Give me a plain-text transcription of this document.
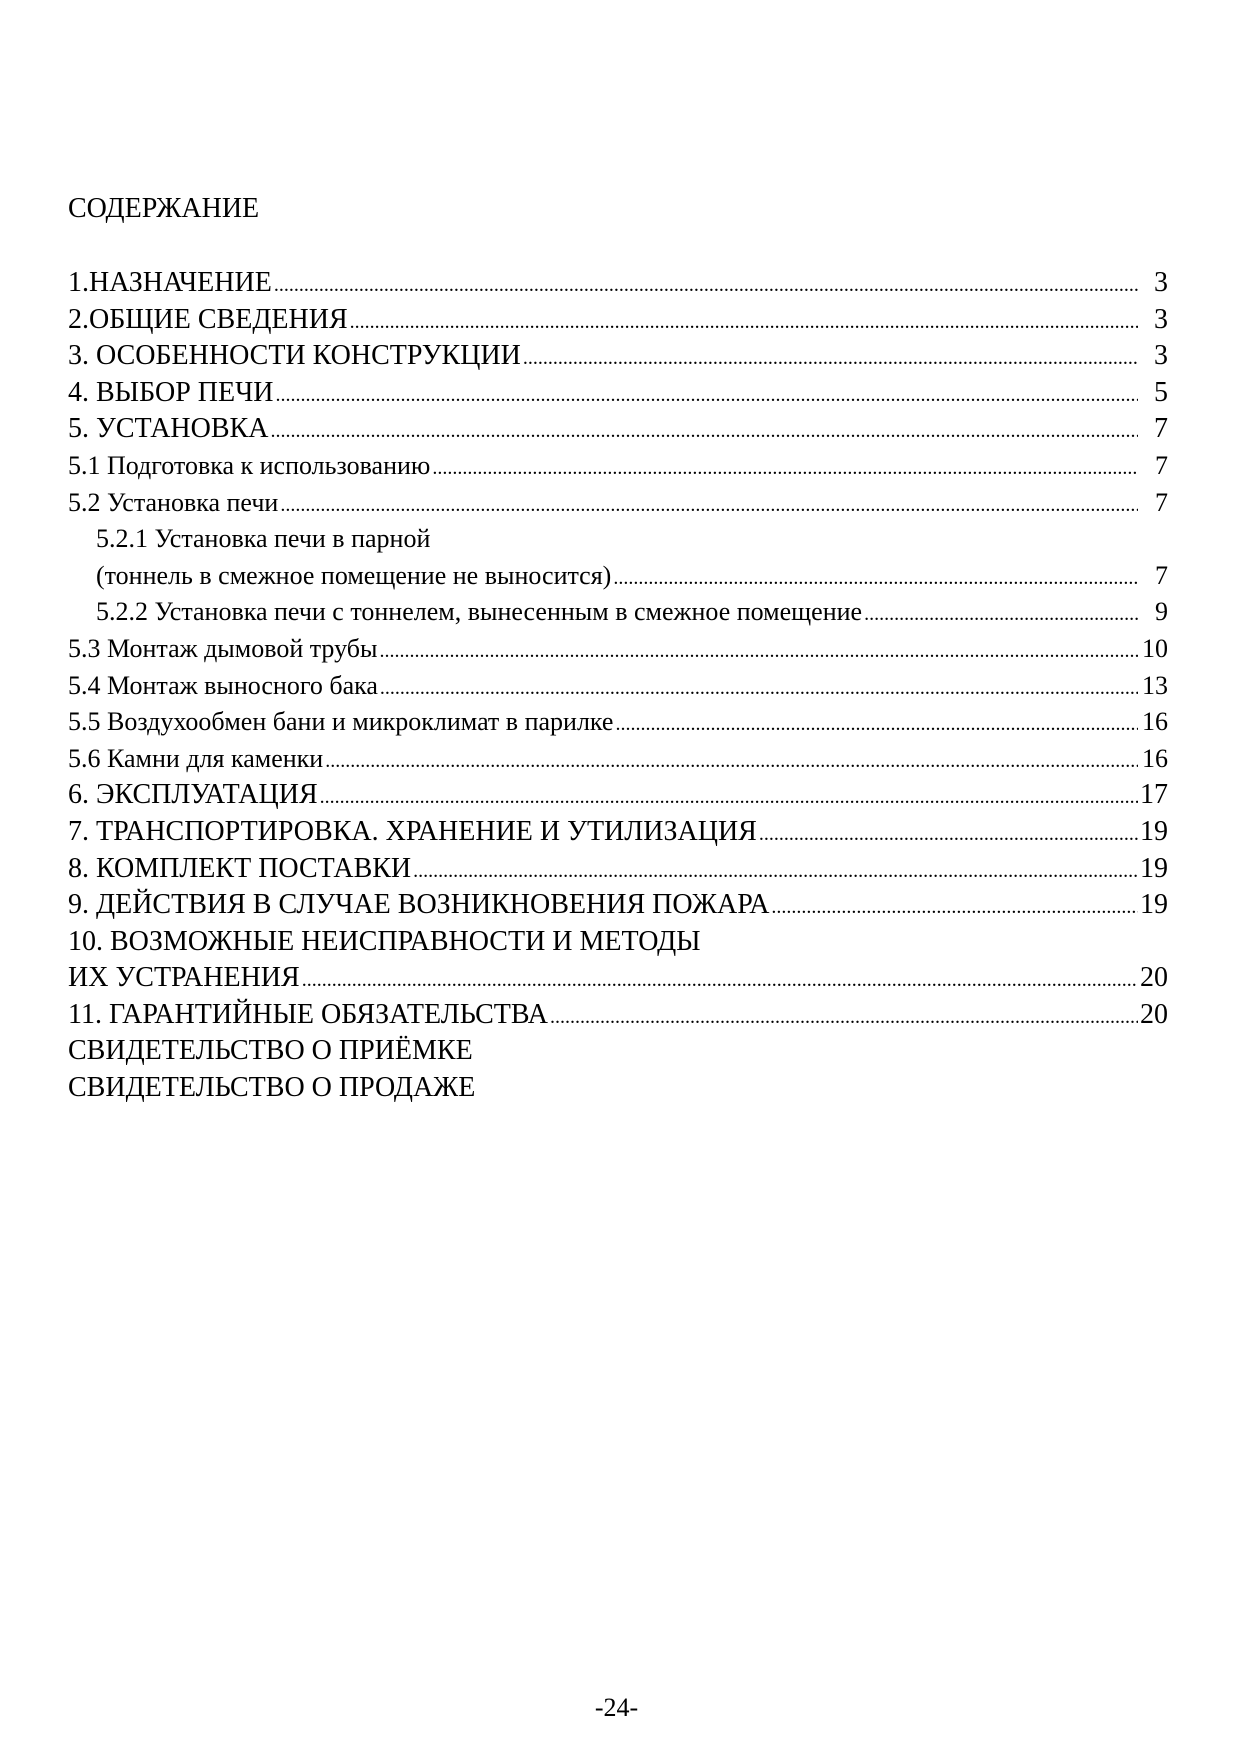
СОДЕРЖАНИЕ
1.НАЗНАЧЕНИЕ .....	3
2.ОБЩИЕ СВЕДЕНИЯ .....	3
3. ОСОБЕННОСТИ КОНСТРУКЦИИ .....	3
4. ВЫБОР ПЕЧИ .....	5
5. УСТАНОВКА .....	7
5.1 Подготовка к использованию .....	7
5.2 Установка печи .....	7
5.2.1 Установка печи в парной
(тоннель в смежное помещение не выносится) .....	7
5.2.2 Установка печи с тоннелем, вынесенным в смежное помещение .....	9
5.3 Монтаж дымовой трубы .....	10
5.4 Монтаж выносного бака .....	13
5.5 Воздухообмен бани и микроклимат в парилке .....	16
5.6 Камни для каменки .....	16
6. ЭКСПЛУАТАЦИЯ .....	17
7. ТРАНСПОРТИРОВКА. ХРАНЕНИЕ И УТИЛИЗАЦИЯ .....	19
8. КОМПЛЕКТ ПОСТАВКИ .....	19
9. ДЕЙСТВИЯ В СЛУЧАЕ ВОЗНИКНОВЕНИЯ ПОЖАРА .....	19
10. ВОЗМОЖНЫЕ НЕИСПРАВНОСТИ И МЕТОДЫ
ИХ УСТРАНЕНИЯ .....	20
11. ГАРАНТИЙНЫЕ ОБЯЗАТЕЛЬСТВА .....	20
СВИДЕТЕЛЬСТВО О ПРИЁМКЕ
СВИДЕТЕЛЬСТВО О ПРОДАЖЕ
-24-
